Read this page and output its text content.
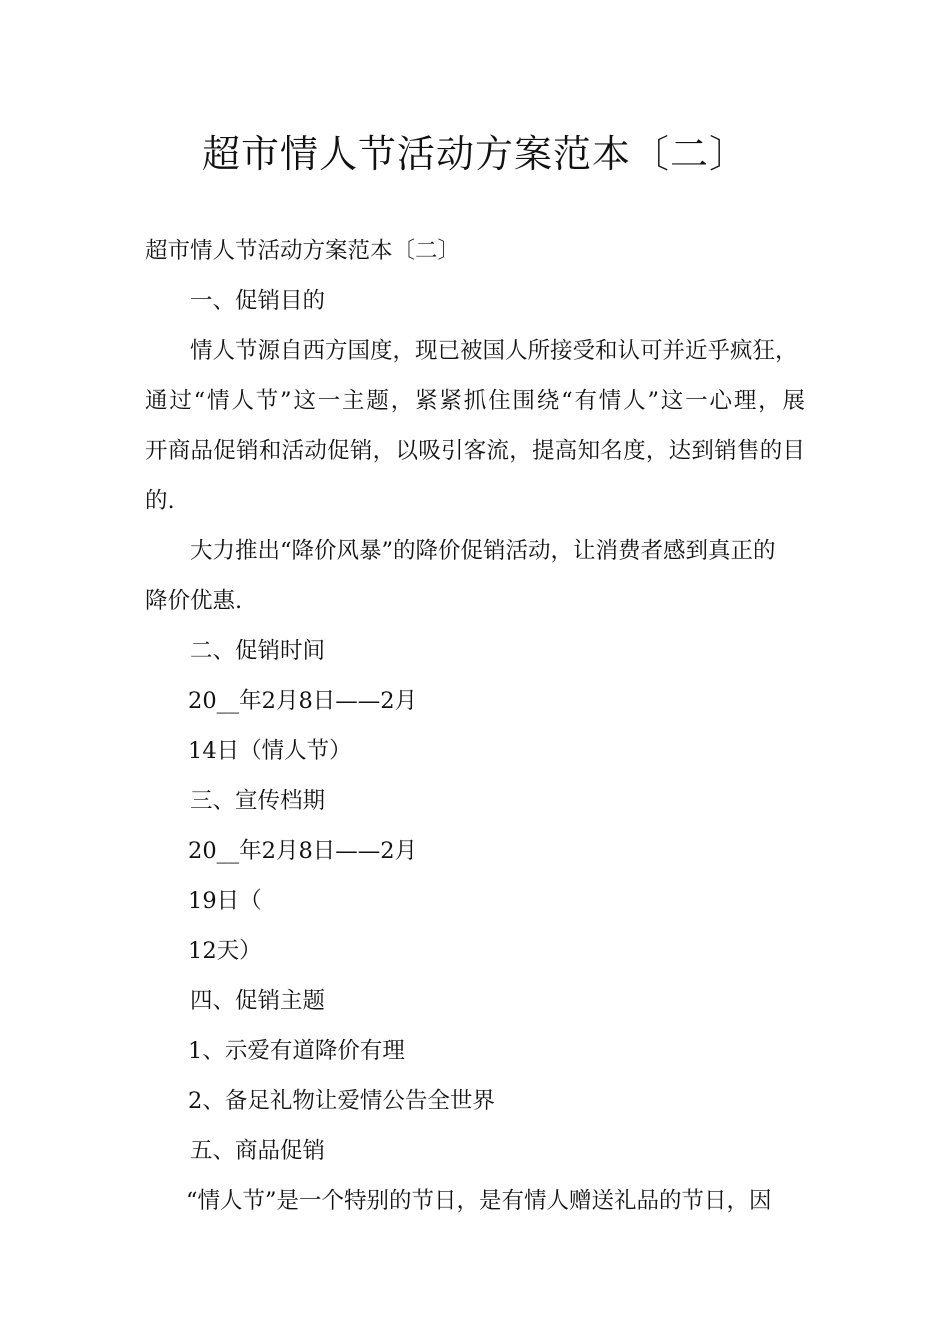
超市情人节活动方案范本〔二〕

超市情人节活动方案范本〔二〕

一、促销目的

情人节源自西方国度，现已被国人所接受和认可并近乎疯狂，

通过“情人节”这一主题，紧紧抓住围绕“有情人”这一心理，展

开商品促销和活动促销，以吸引客流，提高知名度，达到销售的目

的.

大力推出“降价风暴”的降价促销活动，让消费者感到真正的

降价优惠.

二、促销时间

20__年2月8日——2月

14日（情人节）

三、宣传档期

20__年2月8日——2月

19日（

12天）

四、促销主题

1、示爱有道降价有理

2、备足礼物让爱情公告全世界

五、商品促销

“情人节”是一个特别的节日，是有情人赠送礼品的节日，因
